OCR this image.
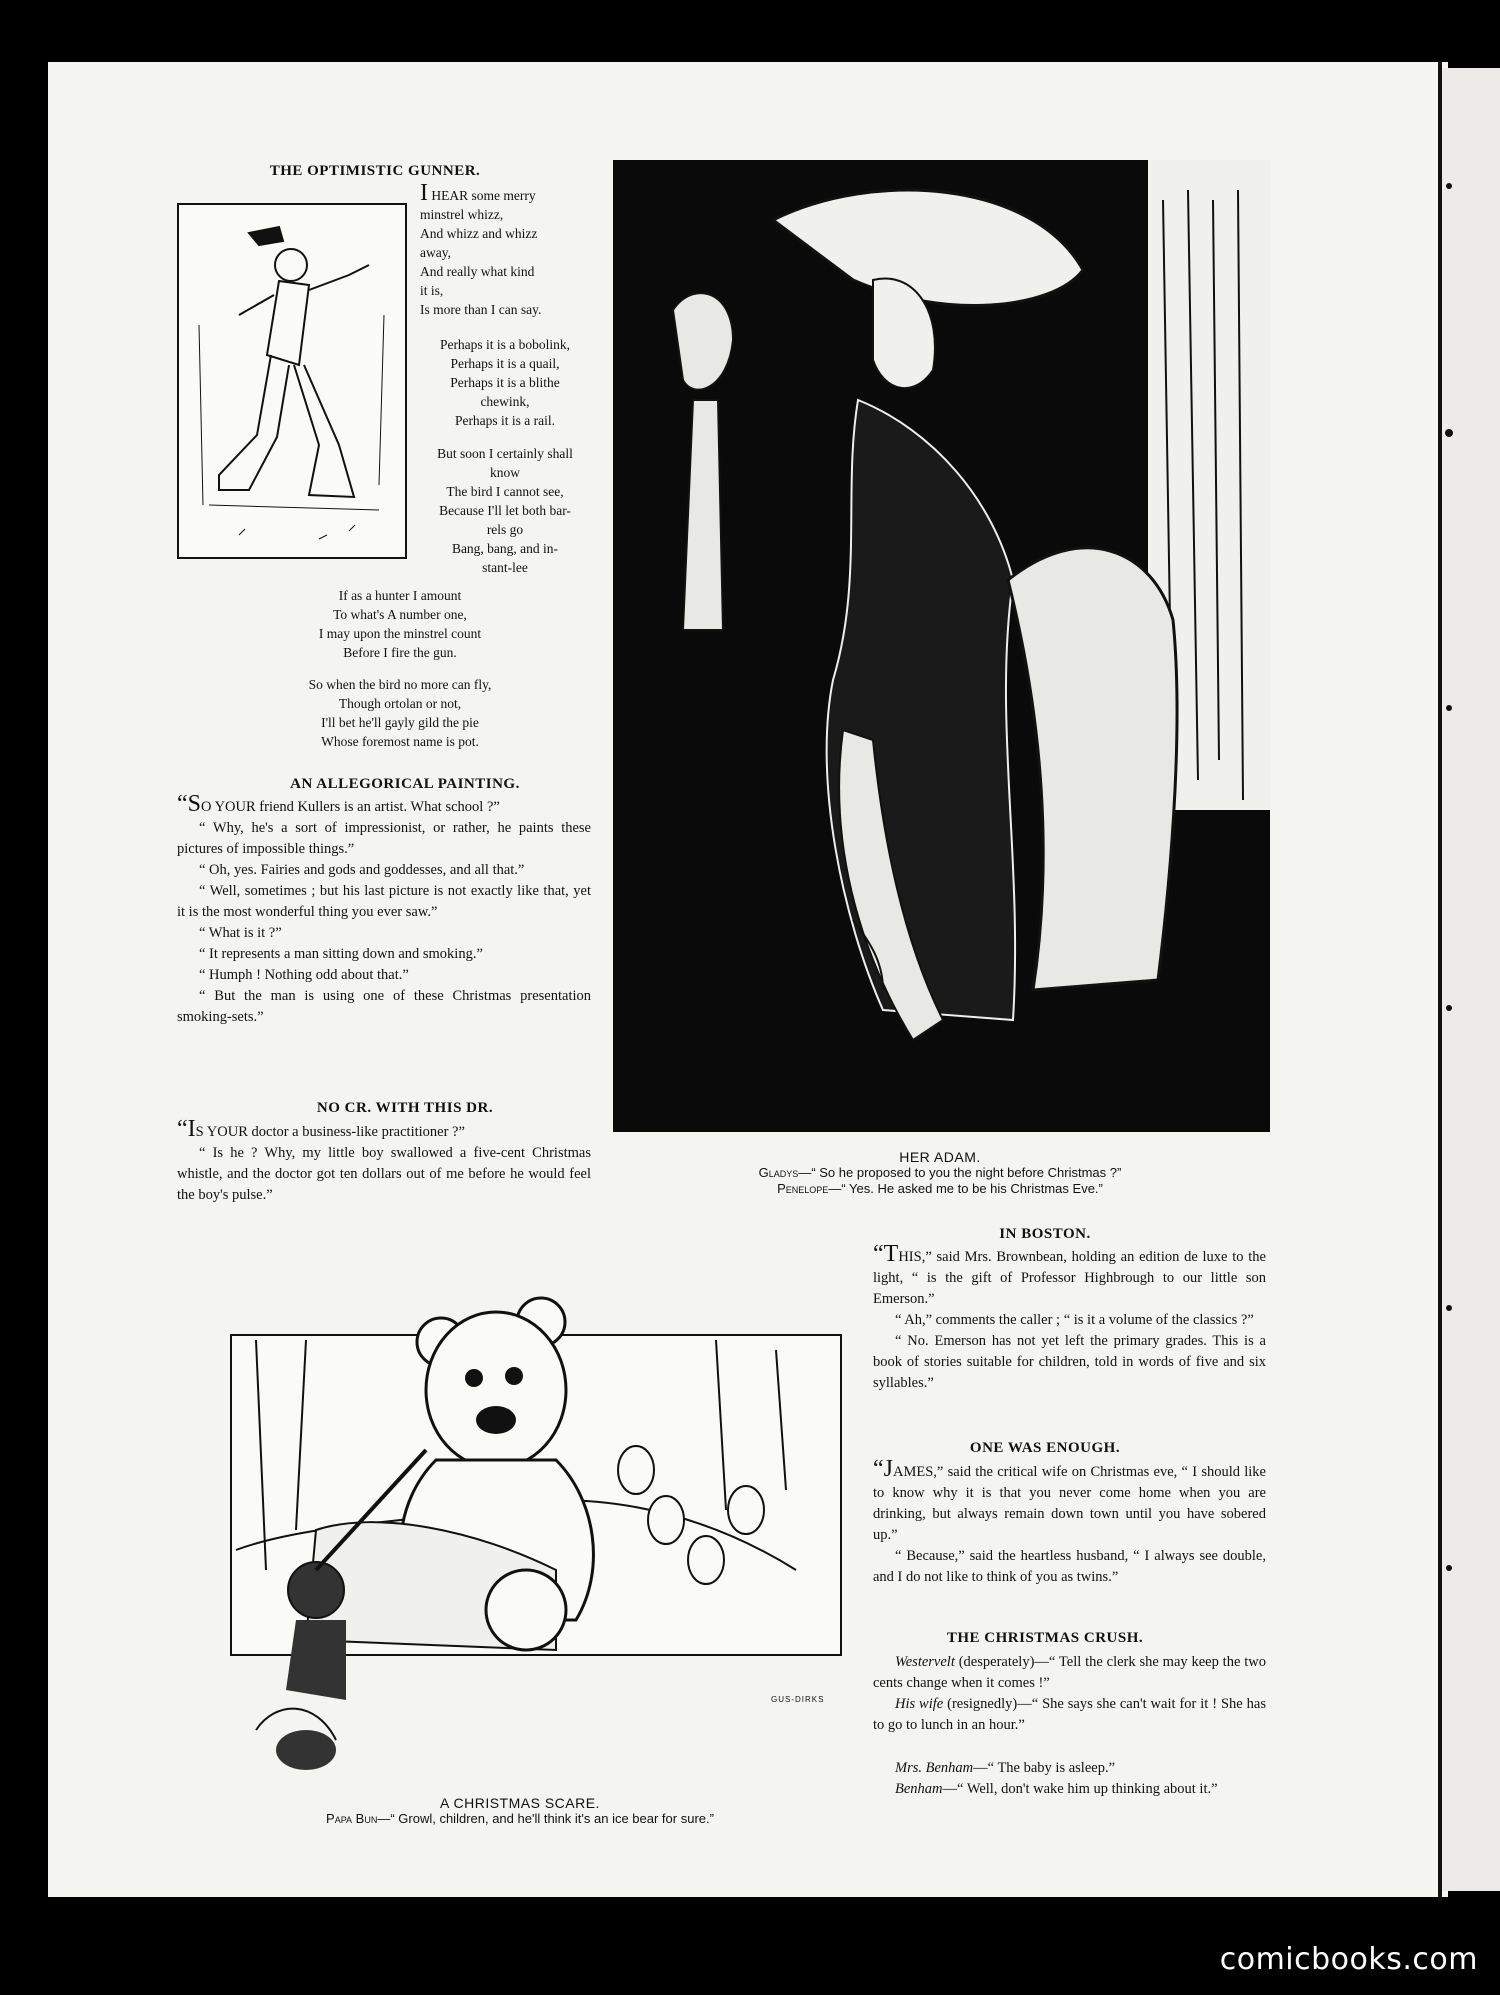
THE OPTIMISTIC GUNNER.

I HEAR some merry
minstrel whizz,
And whizz and whizz
away,
And really what kind
it is,
Is more than I can say.

Perhaps it is a bobolink,
Perhaps it is a quail,
Perhaps it is a blithe
chewink,
Perhaps it is a rail.

But soon I certainly shall
know
The bird I cannot see,
Because I'll let both bar-
rels go
Bang, bang, and in-
stant-lee

If as a hunter I amount
To what's A number one,
I may upon the minstrel count
Before I fire the gun.

So when the bird no more can fly,
Though ortolan or not,
I'll bet he'll gayly gild the pie
Whose foremost name is pot.

AN ALLEGORICAL PAINTING.

“SO YOUR friend Kullers is an artist. What school ?”

“ Why, he's a sort of impressionist, or rather, he paints these pictures of impossible things.”

“ Oh, yes. Fairies and gods and goddesses, and all that.”

“ Well, sometimes ; but his last picture is not exactly like that, yet it is the most wonderful thing you ever saw.”

“ What is it ?”

“ It represents a man sitting down and smoking.”

“ Humph ! Nothing odd about that.”

“ But the man is using one of these Christmas presentation smoking-sets.”

NO CR. WITH THIS DR.

“IS YOUR doctor a business-like practitioner ?”

“ Is he ? Why, my little boy swallowed a five-cent Christmas whistle, and the doctor got ten dollars out of me before he would feel the boy's pulse.”

HER ADAM.
Gladys—“ So he proposed to you the night before Christmas ?”
Penelope—“ Yes. He asked me to be his Christmas Eve.”
IN BOSTON.

“THIS,” said Mrs. Brownbean, holding an edition de luxe to the light, “ is the gift of Professor Highbrough to our little son Emerson.”

“ Ah,” comments the caller ; “ is it a volume of the classics ?”

“ No. Emerson has not yet left the primary grades. This is a book of stories suitable for children, told in words of five and six syllables.”

ONE WAS ENOUGH.

“JAMES,” said the critical wife on Christmas eve, “ I should like to know why it is that you never come home when you are drinking, but always remain down town until you have sobered up.”

“ Because,” said the heartless husband, “ I always see double, and I do not like to think of you as twins.”

THE CHRISTMAS CRUSH.

Westervelt (desperately)—“ Tell the clerk she may keep the two cents change when it comes !”

His wife (resignedly)—“ She says she can't wait for it ! She has to go to lunch in an hour.”

Mrs. Benham—“ The baby is asleep.”

Benham—“ Well, don't wake him up thinking about it.”

GUS-DIRKS
A CHRISTMAS SCARE.
Papa Bun—“ Growl, children, and he'll think it's an ice bear for sure.”
comicbooks.com
